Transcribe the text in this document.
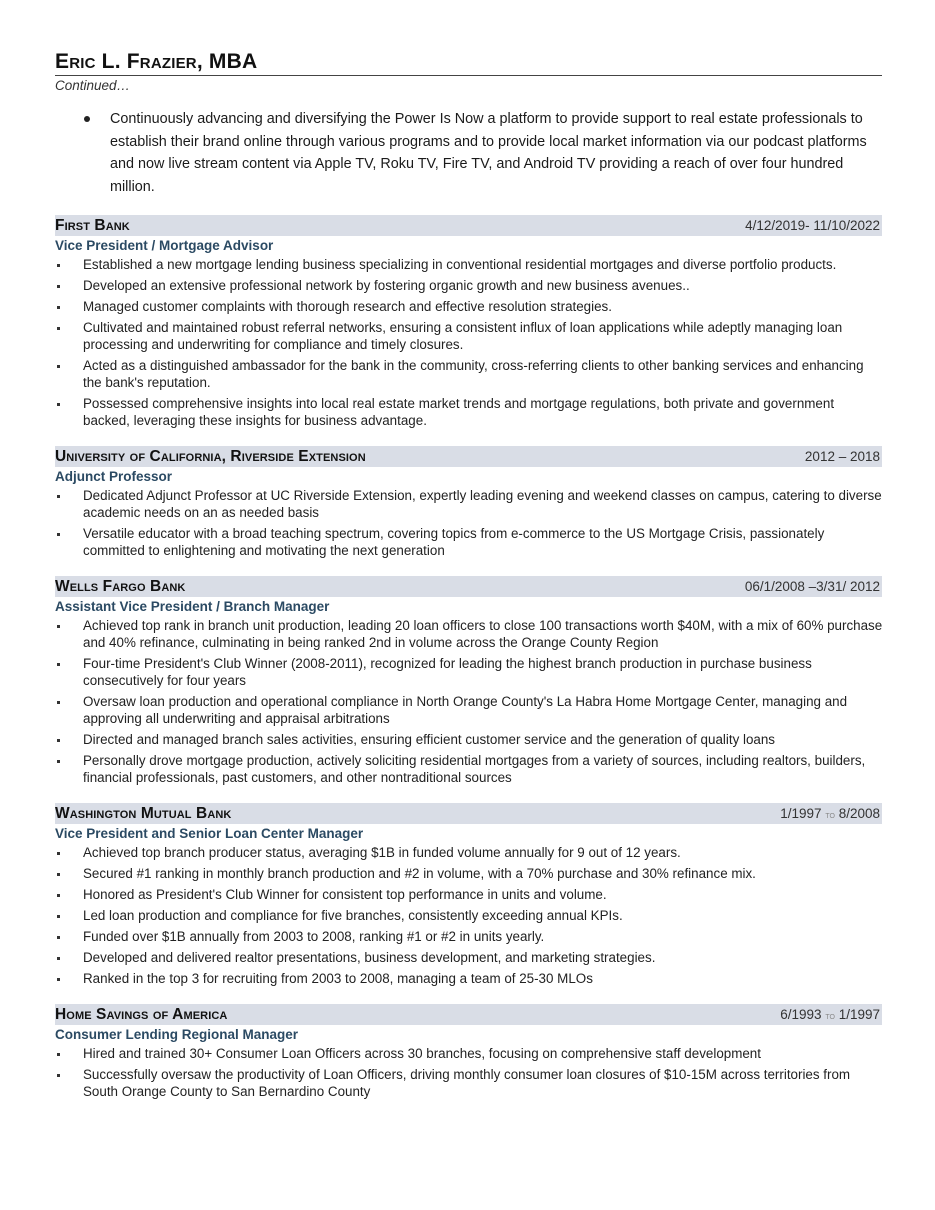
Eric L. Frazier, MBA
Continued…
Continuously advancing and diversifying the Power Is Now a platform to provide support to real estate professionals to establish their brand online through various programs and to provide local market information via our podcast platforms and now live stream content via Apple TV, Roku TV, Fire TV, and Android TV providing a reach of over four hundred million.
First Bank	4/12/2019- 11/10/2022
Vice President / Mortgage Advisor
Established a new mortgage lending business specializing in conventional residential mortgages and diverse portfolio products.
Developed an extensive professional network by fostering organic growth and new business avenues..
Managed customer complaints with thorough research and effective resolution strategies.
Cultivated and maintained robust referral networks, ensuring a consistent influx of loan applications while adeptly managing loan processing and underwriting for compliance and timely closures.
Acted as a distinguished ambassador for the bank in the community, cross-referring clients to other banking services and enhancing the bank's reputation.
Possessed comprehensive insights into local real estate market trends and mortgage regulations, both private and government backed, leveraging these insights for business advantage.
University of California, Riverside Extension	2012 – 2018
Adjunct Professor
Dedicated Adjunct Professor at UC Riverside Extension, expertly leading evening and weekend classes on campus, catering to diverse academic needs on an as needed basis
Versatile educator with a broad teaching spectrum, covering topics from e-commerce to the US Mortgage Crisis, passionately committed to enlightening and motivating the next generation
Wells Fargo Bank	06/1/2008 –3/31/ 2012
Assistant Vice President / Branch Manager
Achieved top rank in branch unit production, leading 20 loan officers to close 100 transactions worth $40M, with a mix of 60% purchase and 40% refinance, culminating in being ranked 2nd in volume across the Orange County Region
Four-time President's Club Winner (2008-2011), recognized for leading the highest branch production in purchase business consecutively for four years
Oversaw loan production and operational compliance in North Orange County's La Habra Home Mortgage Center, managing and approving all underwriting and appraisal arbitrations
Directed and managed branch sales activities, ensuring efficient customer service and the generation of quality loans
Personally drove mortgage production, actively soliciting residential mortgages from a variety of sources, including realtors, builders, financial professionals, past customers, and other nontraditional sources
Washington Mutual Bank	1/1997 to 8/2008
Vice President and Senior Loan Center Manager
Achieved top branch producer status, averaging $1B in funded volume annually for 9 out of 12 years.
Secured #1 ranking in monthly branch production and #2 in volume, with a 70% purchase and 30% refinance mix.
Honored as President's Club Winner for consistent top performance in units and volume.
Led loan production and compliance for five branches, consistently exceeding annual KPIs.
Funded over $1B annually from 2003 to 2008, ranking #1 or #2 in units yearly.
Developed and delivered realtor presentations, business development, and marketing strategies.
Ranked in the top 3 for recruiting from 2003 to 2008, managing a team of 25-30 MLOs
Home Savings of America	6/1993 to 1/1997
Consumer Lending Regional Manager
Hired and trained 30+ Consumer Loan Officers across 30 branches, focusing on comprehensive staff development
Successfully oversaw the productivity of Loan Officers, driving monthly consumer loan closures of $10-15M across territories from South Orange County to San Bernardino County
